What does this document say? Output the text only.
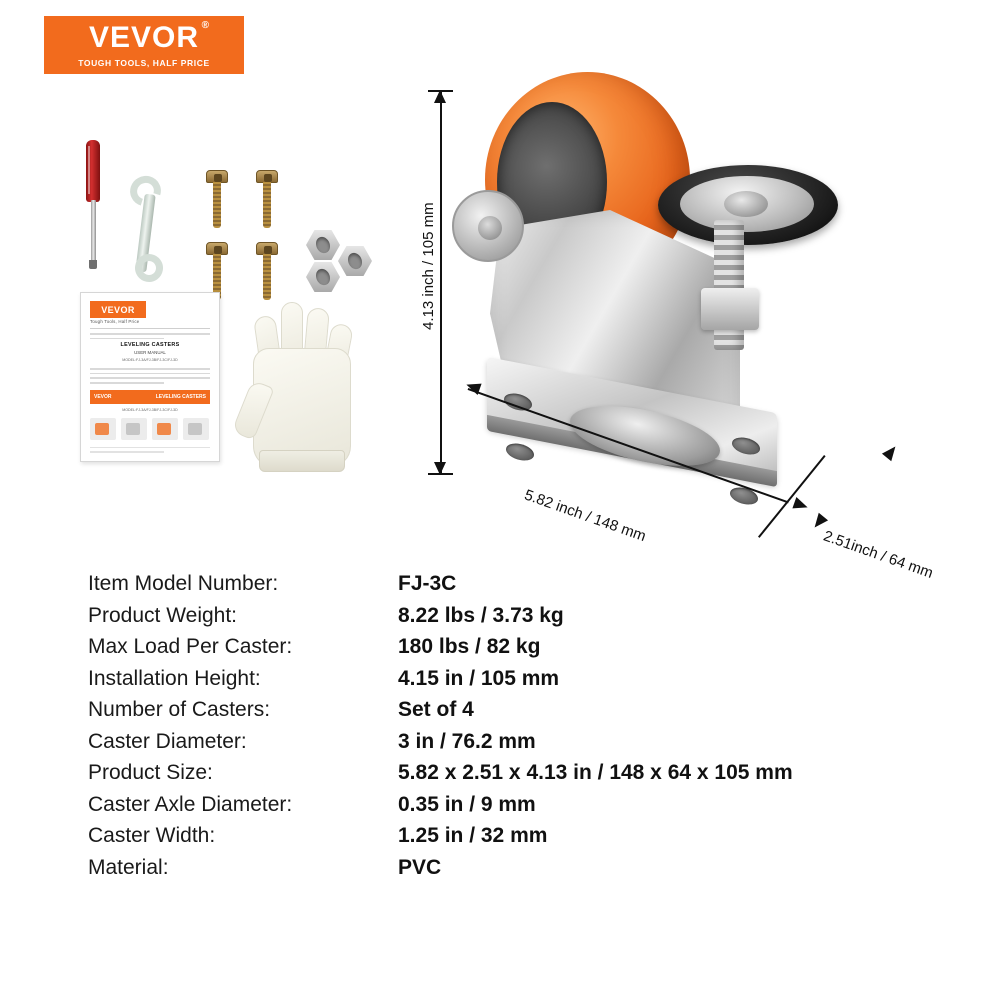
VEVOR ®
TOUGH TOOLS, HALF PRICE
VEVOR
Tough Tools, Half Price
LEVELING CASTERS
USER MANUAL
MODEL:FJ-3A/FJ-3B/FJ-3C/FJ-3D
VEVOR	LEVELING CASTERS
MODEL:FJ-3A/FJ-3B/FJ-3C/FJ-3D
4.13 inch / 105 mm
5.82 inch / 148 mm
2.51inch / 64 mm
Item Model Number:	FJ-3C
Product Weight:	8.22 lbs / 3.73 kg
Max Load Per Caster:	180 lbs / 82 kg
Installation Height:	4.15 in / 105 mm
Number of Casters:	Set of 4
Caster Diameter:	3 in / 76.2 mm
Product Size:	5.82 x 2.51 x 4.13 in / 148 x 64 x 105 mm
Caster Axle Diameter:	0.35 in / 9 mm
Caster Width:	1.25 in / 32 mm
Material:	PVC
